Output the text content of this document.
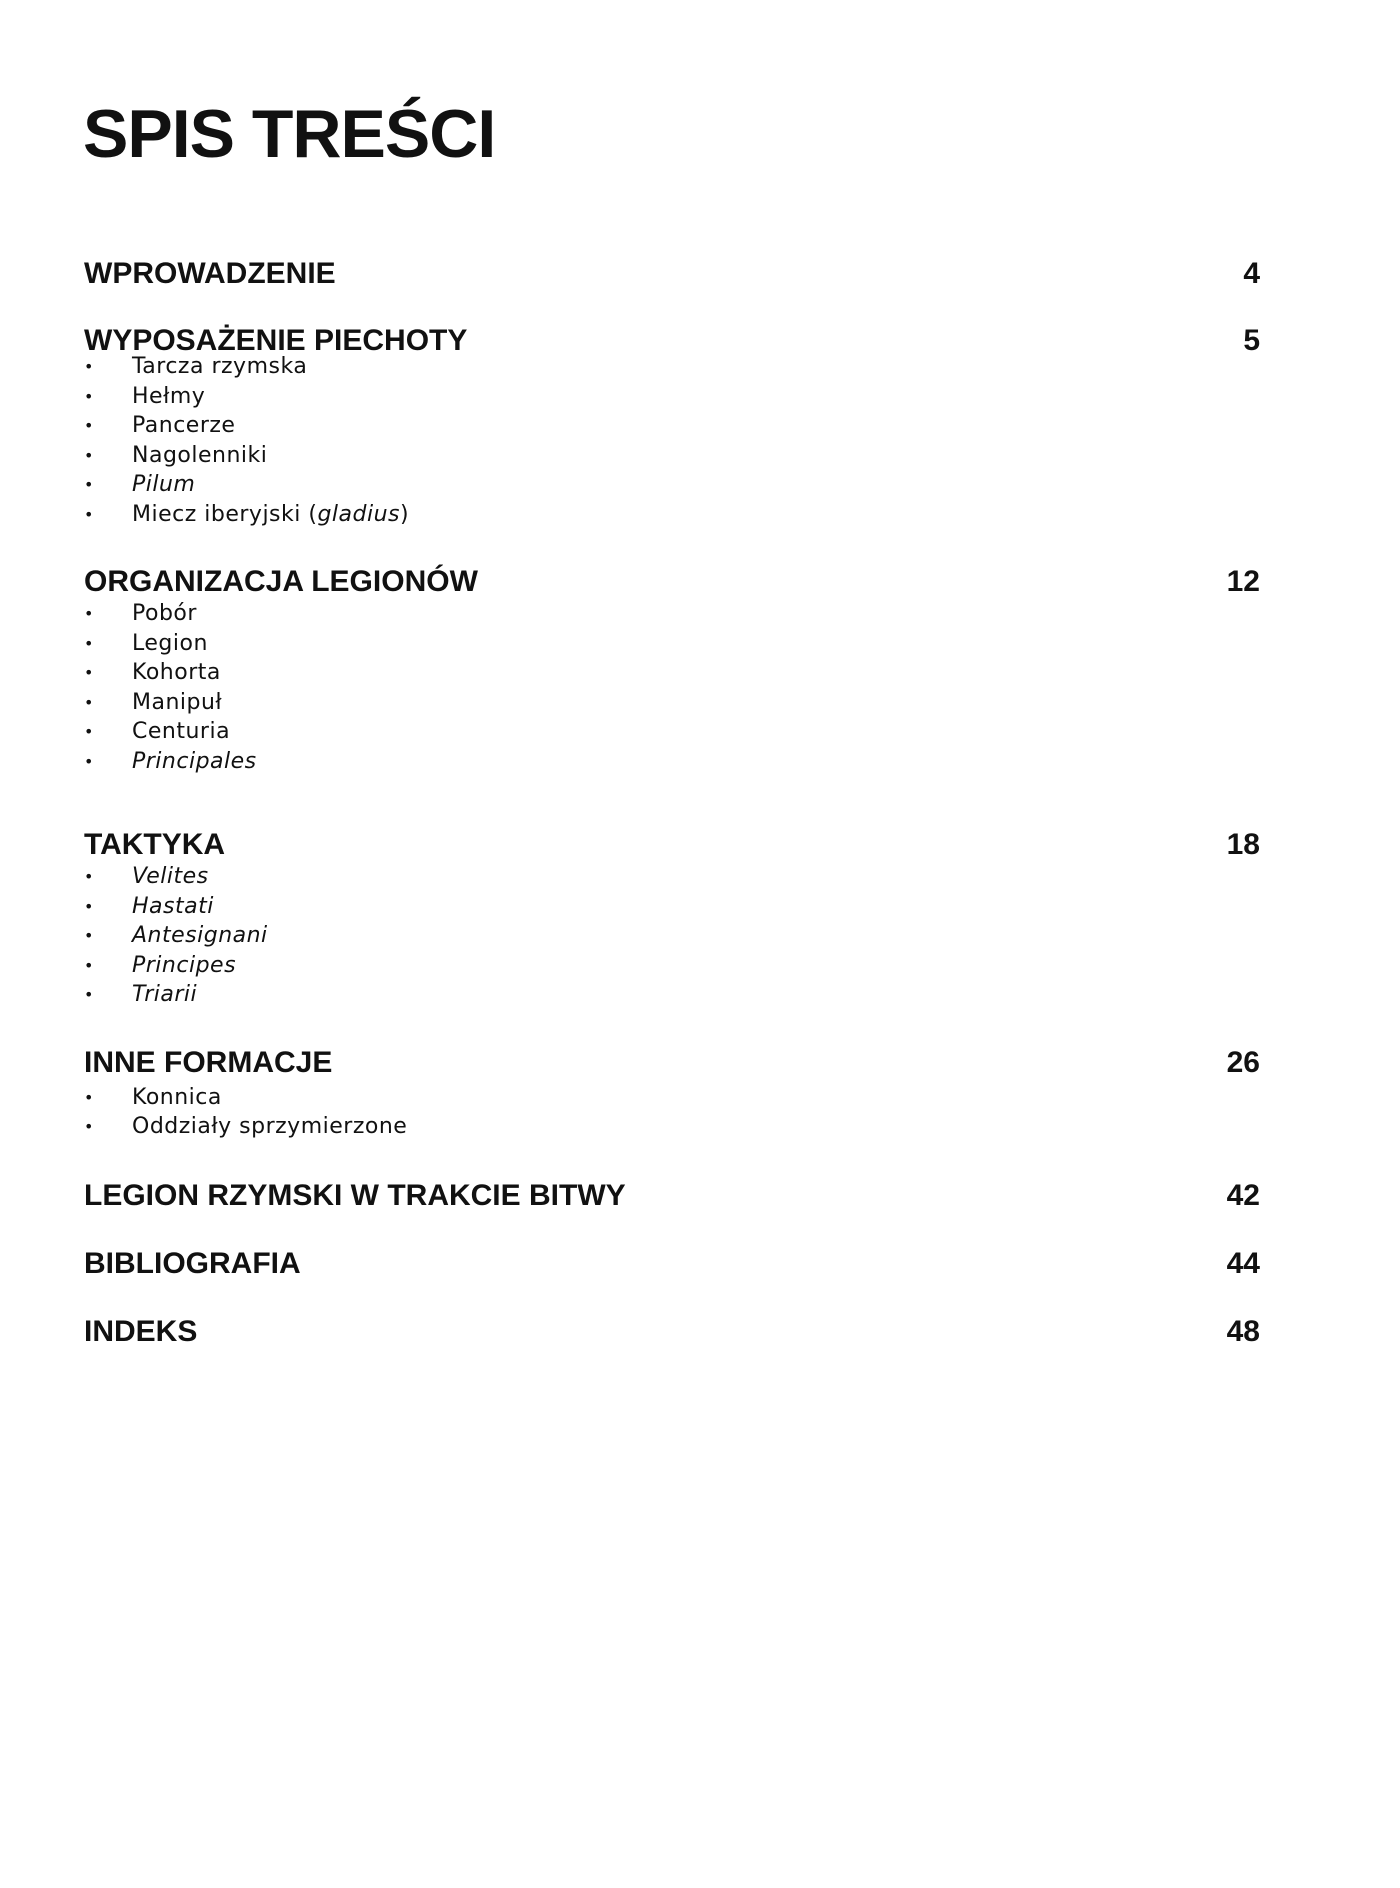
SPIS TREŚCI
WPROWADZENIE	4
WYPOSAŻENIE PIECHOTY	5
• Tarcza rzymska
• Hełmy
• Pancerze
• Nagolenniki
• Pilum
• Miecz iberyjski (gladius)
ORGANIZACJA LEGIONÓW	12
• Pobór
• Legion
• Kohorta
• Manipuł
• Centuria
• Principales
TAKTYKA	18
• Velites
• Hastati
• Antesignani
• Principes
• Triarii
INNE FORMACJE	26
• Konnica
• Oddziały sprzymierzone
LEGION RZYMSKI W TRAKCIE BITWY	42
BIBLIOGRAFIA	44
INDEKS	48
